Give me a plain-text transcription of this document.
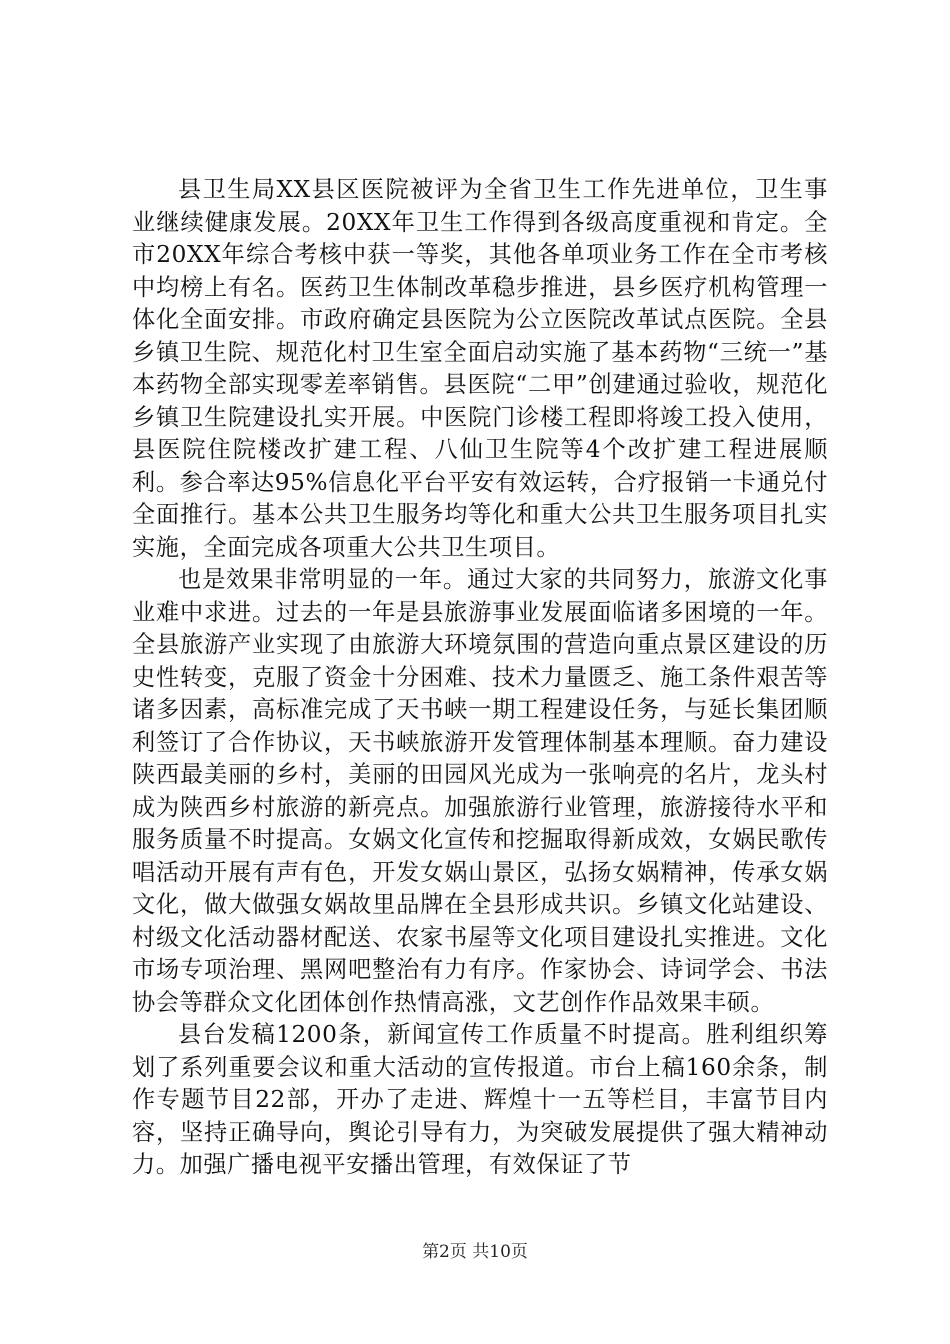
县卫生局XX县区医院被评为全省卫生工作先进单位，卫生事业继续健康发展。20XX年卫生工作得到各级高度重视和肯定。全市20XX年综合考核中获一等奖，其他各单项业务工作在全市考核中均榜上有名。医药卫生体制改革稳步推进，县乡医疗机构管理一体化全面安排。市政府确定县医院为公立医院改革试点医院。全县乡镇卫生院、规范化村卫生室全面启动实施了基本药物“三统一”基本药物全部实现零差率销售。县医院“二甲”创建通过验收，规范化乡镇卫生院建设扎实开展。中医院门诊楼工程即将竣工投入使用，县医院住院楼改扩建工程、八仙卫生院等4个改扩建工程进展顺利。参合率达95%信息化平台平安有效运转，合疗报销一卡通兑付全面推行。基本公共卫生服务均等化和重大公共卫生服务项目扎实实施，全面完成各项重大公共卫生项目。

也是效果非常明显的一年。通过大家的共同努力，旅游文化事业难中求进。过去的一年是县旅游事业发展面临诸多困境的一年。全县旅游产业实现了由旅游大环境氛围的营造向重点景区建设的历史性转变，克服了资金十分困难、技术力量匮乏、施工条件艰苦等诸多因素，高标准完成了天书峡一期工程建设任务，与延长集团顺利签订了合作协议，天书峡旅游开发管理体制基本理顺。奋力建设陕西最美丽的乡村，美丽的田园风光成为一张响亮的名片，龙头村成为陕西乡村旅游的新亮点。加强旅游行业管理，旅游接待水平和服务质量不时提高。女娲文化宣传和挖掘取得新成效，女娲民歌传唱活动开展有声有色，开发女娲山景区，弘扬女娲精神，传承女娲文化，做大做强女娲故里品牌在全县形成共识。乡镇文化站建设、村级文化活动器材配送、农家书屋等文化项目建设扎实推进。文化市场专项治理、黑网吧整治有力有序。作家协会、诗词学会、书法协会等群众文化团体创作热情高涨，文艺创作作品效果丰硕。

县台发稿1200条，新闻宣传工作质量不时提高。胜利组织筹划了系列重要会议和重大活动的宣传报道。市台上稿160余条，制作专题节目22部，开办了走进、辉煌十一五等栏目，丰富节目内容，坚持正确导向，舆论引导有力，为突破发展提供了强大精神动力。加强广播电视平安播出管理，有效保证了节

第2页 共10页
